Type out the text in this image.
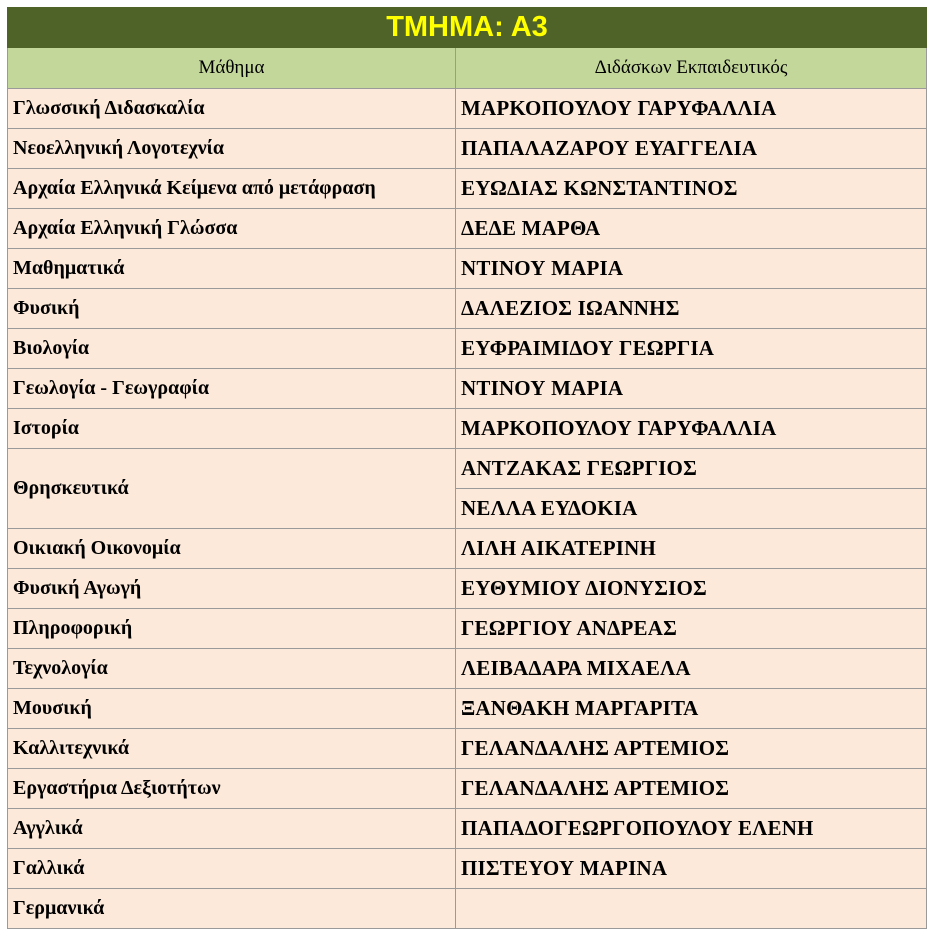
ΤΜΗΜΑ: Α3	
Μάθημα	Διδάσκων Εκπαιδευτικός
Γλωσσική Διδασκαλία	ΜΑΡΚΟΠΟΥΛΟΥ ΓΑΡΥΦΑΛΛΙΑ
Νεοελληνική Λογοτεχνία	ΠΑΠΑΛΑΖΑΡΟΥ ΕΥΑΓΓΕΛΙΑ
Αρχαία Ελληνικά Κείμενα από μετάφραση	ΕΥΩΔΙΑΣ ΚΩΝΣΤΑΝΤΙΝΟΣ
Αρχαία Ελληνική Γλώσσα	ΔΕΔΕ ΜΑΡΘΑ
Μαθηματικά	ΝΤΙΝΟΥ ΜΑΡΙΑ
Φυσική	ΔΑΛΕΖΙΟΣ ΙΩΑΝΝΗΣ
Βιολογία	ΕΥΦΡΑΙΜΙΔΟΥ ΓΕΩΡΓΙΑ
Γεωλογία - Γεωγραφία	ΝΤΙΝΟΥ ΜΑΡΙΑ
Ιστορία	ΜΑΡΚΟΠΟΥΛΟΥ ΓΑΡΥΦΑΛΛΙΑ
Θρησκευτικά	ΑΝΤΖΑΚΑΣ ΓΕΩΡΓΙΟΣ
	ΝΕΛΛΑ ΕΥΔΟΚΙΑ
Οικιακή Οικονομία	ΛΙΛΗ ΑΙΚΑΤΕΡΙΝΗ
Φυσική Αγωγή	ΕΥΘΥΜΙΟΥ ΔΙΟΝΥΣΙΟΣ
Πληροφορική	ΓΕΩΡΓΙΟΥ ΑΝΔΡΕΑΣ
Τεχνολογία	ΛΕΙΒΑΔΑΡΑ ΜΙΧΑΕΛΑ
Μουσική	ΞΑΝΘΑΚΗ ΜΑΡΓΑΡΙΤΑ
Καλλιτεχνικά	ΓΕΛΑΝΔΑΛΗΣ ΑΡΤΕΜΙΟΣ
Εργαστήρια Δεξιοτήτων	ΓΕΛΑΝΔΑΛΗΣ ΑΡΤΕΜΙΟΣ
Αγγλικά	ΠΑΠΑΔΟΓΕΩΡΓΟΠΟΥΛΟΥ ΕΛΕΝΗ
Γαλλικά	ΠΙΣΤΕΥΟΥ ΜΑΡΙΝΑ
Γερμανικά	
